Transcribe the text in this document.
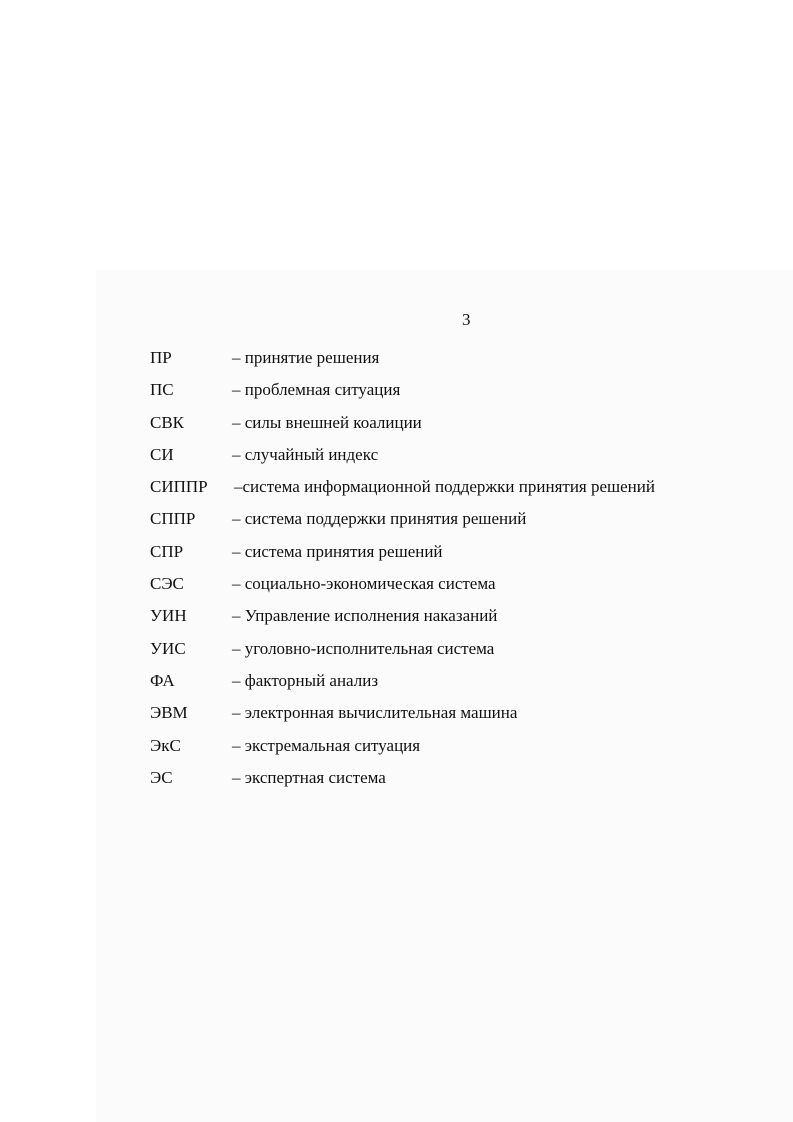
3
ПР	– принятие решения
ПС	– проблемная ситуация
СВК	– силы внешней коалиции
СИ	– случайный индекс
СИППР –система информационной поддержки принятия решений
СППР – система поддержки принятия решений
СПР	– система принятия решений
СЭС	– социально-экономическая система
УИН	– Управление исполнения наказаний
УИС	– уголовно-исполнительная система
ФА	– факторный анализ
ЭВМ	– электронная вычислительная машина
ЭкС	– экстремальная ситуация
ЭС	– экспертная система
